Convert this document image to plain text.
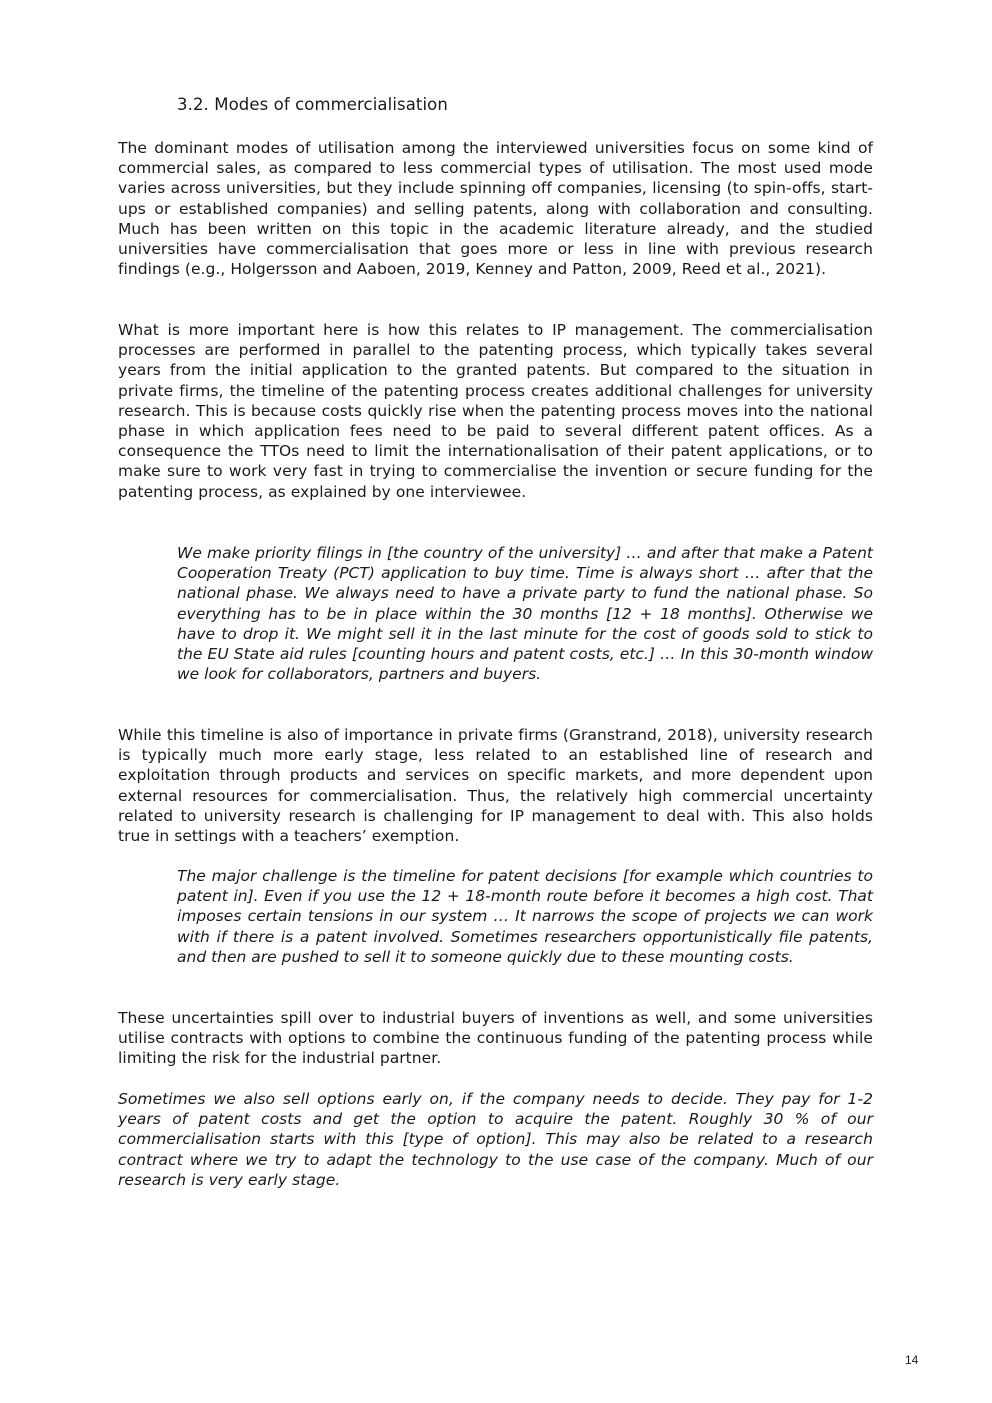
3.2. Modes of commercialisation

The dominant modes of utilisation among the interviewed universities focus on some kind of commercial sales, as compared to less commercial types of utilisation. The most used mode varies across universities, but they include spinning off companies, licensing (to spin-offs, start-ups or established companies) and selling patents, along with collaboration and consulting. Much has been written on this topic in the academic literature already, and the studied universities have commercialisation that goes more or less in line with previous research findings (e.g., Holgersson and Aaboen, 2019, Kenney and Patton, 2009, Reed et al., 2021).

What is more important here is how this relates to IP management. The commercialisation processes are performed in parallel to the patenting process, which typically takes several years from the initial application to the granted patents. But compared to the situation in private firms, the timeline of the patenting process creates additional challenges for university research. This is because costs quickly rise when the patenting process moves into the national phase in which application fees need to be paid to several different patent offices. As a consequence the TTOs need to limit the internationalisation of their patent applications, or to make sure to work very fast in trying to commercialise the invention or secure funding for the patenting process, as explained by one interviewee.

We make priority filings in [the country of the university] … and after that make a Patent Cooperation Treaty (PCT) application to buy time. Time is always short … after that the national phase. We always need to have a private party to fund the national phase. So everything has to be in place within the 30 months [12 + 18 months]. Otherwise we have to drop it. We might sell it in the last minute for the cost of goods sold to stick to the EU State aid rules [counting hours and patent costs, etc.] … In this 30-month window we look for collaborators, partners and buyers.

While this timeline is also of importance in private firms (Granstrand, 2018), university research is typically much more early stage, less related to an established line of research and exploitation through products and services on specific markets, and more dependent upon external resources for commercialisation. Thus, the relatively high commercial uncertainty related to university research is challenging for IP management to deal with. This also holds true in settings with a teachers’ exemption.

The major challenge is the timeline for patent decisions [for example which countries to patent in]. Even if you use the 12 + 18-month route before it becomes a high cost. That imposes certain tensions in our system … It narrows the scope of projects we can work with if there is a patent involved. Sometimes researchers opportunistically file patents, and then are pushed to sell it to someone quickly due to these mounting costs.

These uncertainties spill over to industrial buyers of inventions as well, and some universities utilise contracts with options to combine the continuous funding of the patenting process while limiting the risk for the industrial partner.

Sometimes we also sell options early on, if the company needs to decide. They pay for 1-2 years of patent costs and get the option to acquire the patent. Roughly 30 % of our commercialisation starts with this [type of option]. This may also be related to a research contract where we try to adapt the technology to the use case of the company. Much of our research is very early stage.

14
